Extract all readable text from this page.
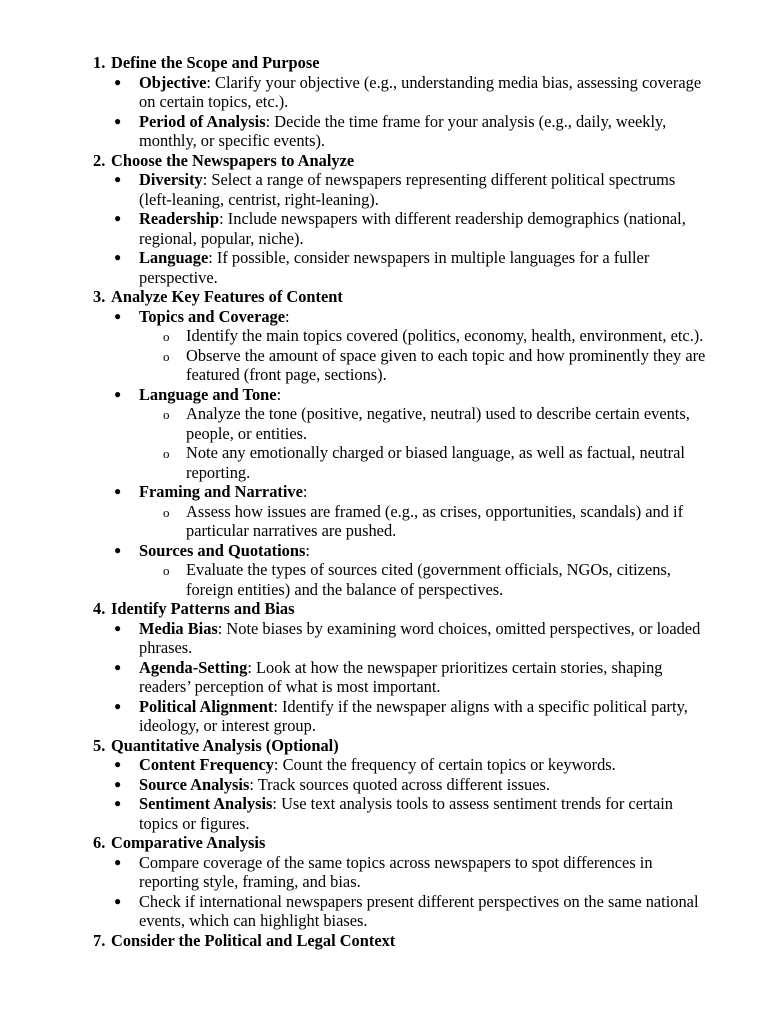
1. Define the Scope and Purpose
● Objective: Clarify your objective (e.g., understanding media bias, assessing coverage on certain topics, etc.).
● Period of Analysis: Decide the time frame for your analysis (e.g., daily, weekly, monthly, or specific events).
2. Choose the Newspapers to Analyze
● Diversity: Select a range of newspapers representing different political spectrums (left-leaning, centrist, right-leaning).
● Readership: Include newspapers with different readership demographics (national, regional, popular, niche).
● Language: If possible, consider newspapers in multiple languages for a fuller perspective.
3. Analyze Key Features of Content
● Topics and Coverage:
o Identify the main topics covered (politics, economy, health, environment, etc.).
o Observe the amount of space given to each topic and how prominently they are featured (front page, sections).
● Language and Tone:
o Analyze the tone (positive, negative, neutral) used to describe certain events, people, or entities.
o Note any emotionally charged or biased language, as well as factual, neutral reporting.
● Framing and Narrative:
o Assess how issues are framed (e.g., as crises, opportunities, scandals) and if particular narratives are pushed.
● Sources and Quotations:
o Evaluate the types of sources cited (government officials, NGOs, citizens, foreign entities) and the balance of perspectives.
4. Identify Patterns and Bias
● Media Bias: Note biases by examining word choices, omitted perspectives, or loaded phrases.
● Agenda-Setting: Look at how the newspaper prioritizes certain stories, shaping readers’ perception of what is most important.
● Political Alignment: Identify if the newspaper aligns with a specific political party, ideology, or interest group.
5. Quantitative Analysis (Optional)
● Content Frequency: Count the frequency of certain topics or keywords.
● Source Analysis: Track sources quoted across different issues.
● Sentiment Analysis: Use text analysis tools to assess sentiment trends for certain topics or figures.
6. Comparative Analysis
● Compare coverage of the same topics across newspapers to spot differences in reporting style, framing, and bias.
● Check if international newspapers present different perspectives on the same national events, which can highlight biases.
7. Consider the Political and Legal Context
